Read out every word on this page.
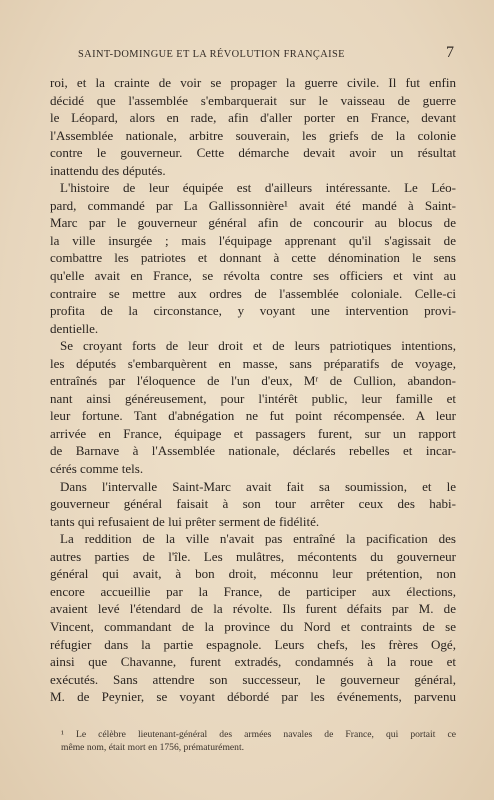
SAINT-DOMINGUE ET LA RÉVOLUTION FRANÇAISE	7

roi, et la crainte de voir se propager la guerre civile. Il fut enfin
décidé que l'assemblée s'embarquerait sur le vaisseau de guerre
le Léopard, alors en rade, afin d'aller porter en France, devant
l'Assemblée nationale, arbitre souverain, les griefs de la colonie
contre le gouverneur. Cette démarche devait avoir un résultat
inattendu des députés.

L'histoire de leur équipée est d'ailleurs intéressante. Le Léo-
pard, commandé par La Gallissonnière¹ avait été mandé à Saint-
Marc par le gouverneur général afin de concourir au blocus de
la ville insurgée ; mais l'équipage apprenant qu'il s'agissait de
combattre les patriotes et donnant à cette dénomination le sens
qu'elle avait en France, se révolta contre ses officiers et vint au
contraire se mettre aux ordres de l'assemblée coloniale. Celle-ci
profita de la circonstance, y voyant une intervention provi-
dentielle.

Se croyant forts de leur droit et de leurs patriotiques intentions,
les députés s'embarquèrent en masse, sans préparatifs de voyage,
entraînés par l'éloquence de l'un d'eux, Mʳ de Cullion, abandon-
nant ainsi généreusement, pour l'intérêt public, leur famille et
leur fortune. Tant d'abnégation ne fut point récompensée. A leur
arrivée en France, équipage et passagers furent, sur un rapport
de Barnave à l'Assemblée nationale, déclarés rebelles et incar-
cérés comme tels.

Dans l'intervalle Saint-Marc avait fait sa soumission, et le
gouverneur général faisait à son tour arrêter ceux des habi-
tants qui refusaient de lui prêter serment de fidélité.

La reddition de la ville n'avait pas entraîné la pacification des
autres parties de l'île. Les mulâtres, mécontents du gouverneur
général qui avait, à bon droit, méconnu leur prétention, non
encore accueillie par la France, de participer aux élections,
avaient levé l'étendard de la révolte. Ils furent défaits par M. de
Vincent, commandant de la province du Nord et contraints de se
réfugier dans la partie espagnole. Leurs chefs, les frères Ogé,
ainsi que Chavanne, furent extradés, condamnés à la roue et
exécutés. Sans attendre son successeur, le gouverneur général,
M. de Peynier, se voyant débordé par les événements, parvenu

¹ Le célèbre lieutenant-général des armées navales de France, qui portait ce
même nom, était mort en 1756, prématurément.
